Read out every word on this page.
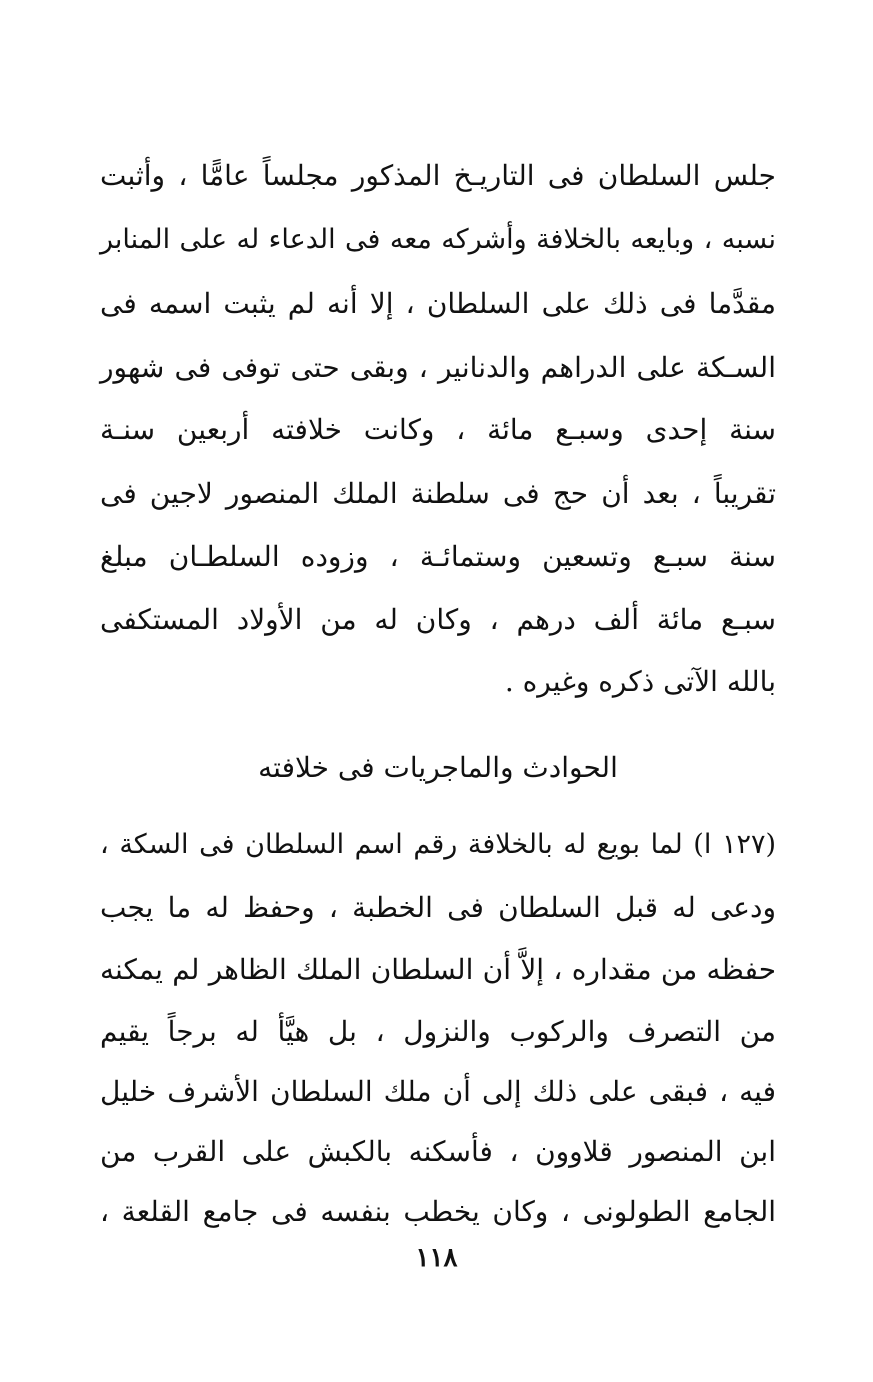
جلس السلطان فى التاريـخ المذكور مجلساً عامًّا ، وأثبت
نسبه ، وبايعه بالخلافة وأشركه معه فى الدعاء له على المنابر
مقدَّما فى ذلك على السلطان ، إلا أنه لم يثبت اسمه فى
السـكة على الدراهم والدنانير ، وبقى حتى توفى فى شهور
سنة إحدى وسبـع مائة ، وكانت خلافته أربعين سنـة
تقريباً ، بعد أن حج فى سلطنة الملك المنصور لاجين فى
سنة سبـع وتسعين وستمائـة ، وزوده السلطـان مبلغ
سبـع مائة ألف درهم ، وكان له من الأولاد المستكفى
بالله الآتى ذكره وغيره .
الحوادث والماجريات فى خلافته
(١٢٧ ا) لما بويع له بالخلافة رقم اسم السلطان فى السكة ،
ودعى له قبل السلطان فى الخطبة ، وحفظ له ما يجب
حفظه من مقداره ، إلاَّ أن السلطان الملك الظاهر لم يمكنه
من التصرف والركوب والنزول ، بل هيَّأ له برجاً يقيم
فيه ، فبقى على ذلك إلى أن ملك السلطان الأشرف خليل
ابن المنصور قلاوون ، فأسكنه بالكبش على القرب من
الجامع الطولونى ، وكان يخطب بنفسه فى جامع القلعة ،
١١٨
